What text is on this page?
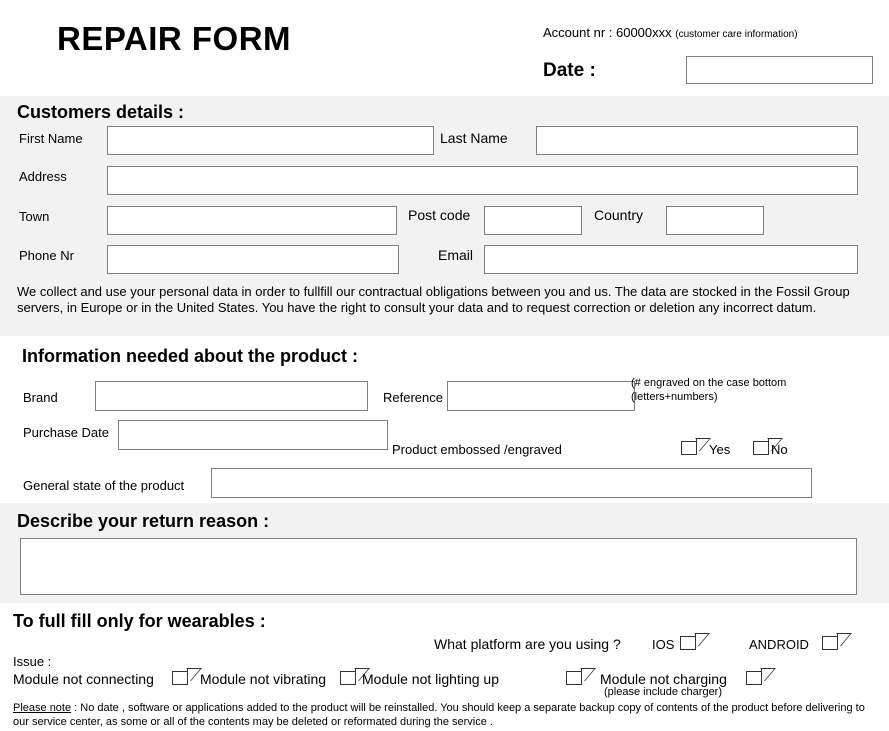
REPAIR FORM	Account nr : 60000xxx (customer care information)
Date :
Customers details :
First Name	Last Name
Address
Town	Post code	Country
Phone Nr	Email
We collect and use your personal data in order to fullfill our contractual obligations between you and us. The data are stocked in the Fossil Group servers, in Europe or in the United States. You have the right to consult your data and to request correction or deletion any incorrect datum.
Information needed about the product :
Brand	Reference
(# engraved on the case bottom
(letters+numbers)
Purchase Date
Product embossed /engraved	Yes	No
General state of the product
Describe your return reason :
To full fill only for wearables :
What platform are you using ? IOS	ANDROID
Issue :
Module not connecting	Module not vibrating	Module not lighting up	Module not charging
(please include charger)
Please note : No date , software or applications added to the product will be reinstalled. You should keep a separate backup copy of contents of the product before delivering to our service center, as some or all of the contents may be deleted or reformated during the service .
